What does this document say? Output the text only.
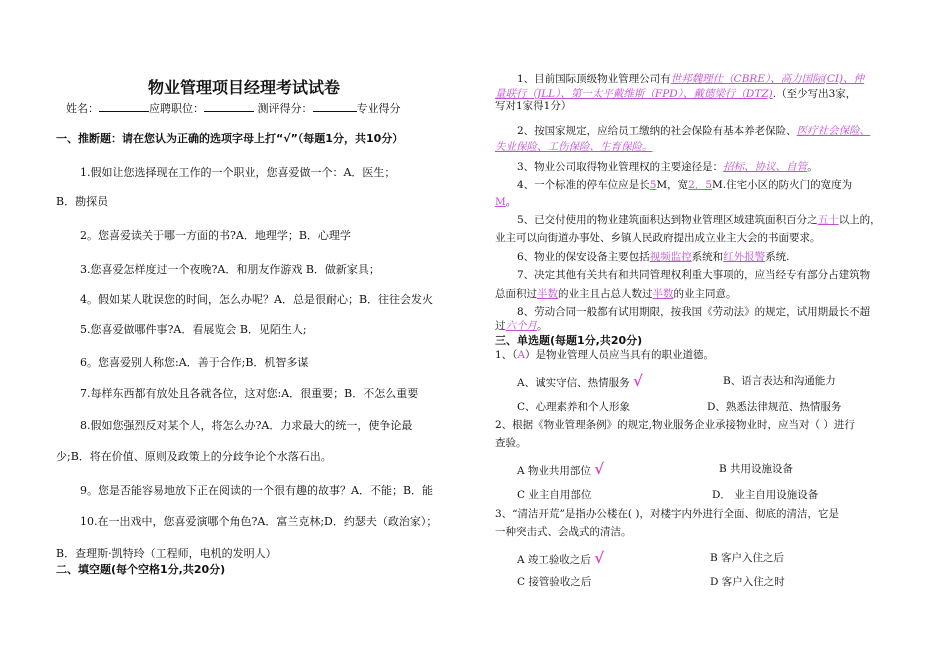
物业管理项目经理考试试卷
姓名：	应聘职位：	测评得分：	专业得分
一、推断题：请在您认为正确的选项字母上打“√”（每题1分，共10分）
1.假如让您选择现在工作的一个职业，您喜爱做一个：A．医生；
B．勘探员
2。您喜爱读关于哪一方面的书?A．地理学；B．心理学
3.您喜爱怎样度过一个夜晚?A．和朋友作游戏 B．做新家具；
4。假如某人耽误您的时间，怎么办呢？A．总是很耐心；B．往往会发火
5.您喜爱做哪件事?A．看展览会 B．见陌生人;
6。您喜爱别人称您:A．善于合作;B．机智多谋
7.每样东西都有放处且各就各位，这对您:A．很重要；B．不怎么重要
8.假如您强烈反对某个人，将怎么办?A．力求最大的统一，使争论最
少;B．将在价值、原则及政策上的分歧争论个水落石出。
9。您是否能容易地放下正在阅读的一个很有趣的故事？A．不能；B．能
10.在一出戏中，您喜爱演哪个角色?A．富兰克林;D．约瑟夫（政治家）；
B．查理斯·凯特玲（工程师，电机的发明人）
二、填空题(每个空格1分,共20分)
1、目前国际顶级物业管理公司有世邦魏理仕（CBRE）、高力国际(CI)、仲
量联行（JLL）、第一太平戴维斯（FPD）、戴德梁行（DTZ).（至少写出3家，
写对1家得1分）
2、按国家规定，应给员工缴纳的社会保险有基本养老保险、医疗社会保险、
失业保险、工伤保险、生育保险。
3、物业公司取得物业管理权的主要途径是：招标、协议、自管。
4、一个标准的停车位应是长5M，宽2．5M.住宅小区的防火门的宽度为
M。
5、已交付使用的物业建筑面积达到物业管理区域建筑面积百分之五十以上的，
业主可以向街道办事处、乡镇人民政府提出成立业主大会的书面要求。
6、物业的保安设备主要包括视频监控系统和红外报警系统.
7、决定其他有关共有和共同管理权利重大事项的，应当经专有部分占建筑物
总面积过半数的业主且占总人数过半数的业主同意。
8、劳动合同一般都有试用期限，按我国《劳动法》的规定，试用期最长不超
过六个月。
三、单选题(每题1分,共20分)
1、（A）是物业管理人员应当具有的职业道德。
A、诚实守信、热情服务 √	B、语言表达和沟通能力
C、心理素养和个人形象	D、熟悉法律规范、热情服务
2、根据《物业管理条例》的规定,物业服务企业承接物业时，应当对（ ）进行
查验。
A 物业共用部位 √	B 共用设施设备
C 业主自用部位	D． 业主自用设施设备
3、“清洁开荒”是指办公楼在( )，对楼宇内外进行全面、彻底的清洁，它是
一种突击式、会战式的清洁。
A 竣工验收之后 √	B 客户入住之后
C 接管验收之后	D 客户入住之时
